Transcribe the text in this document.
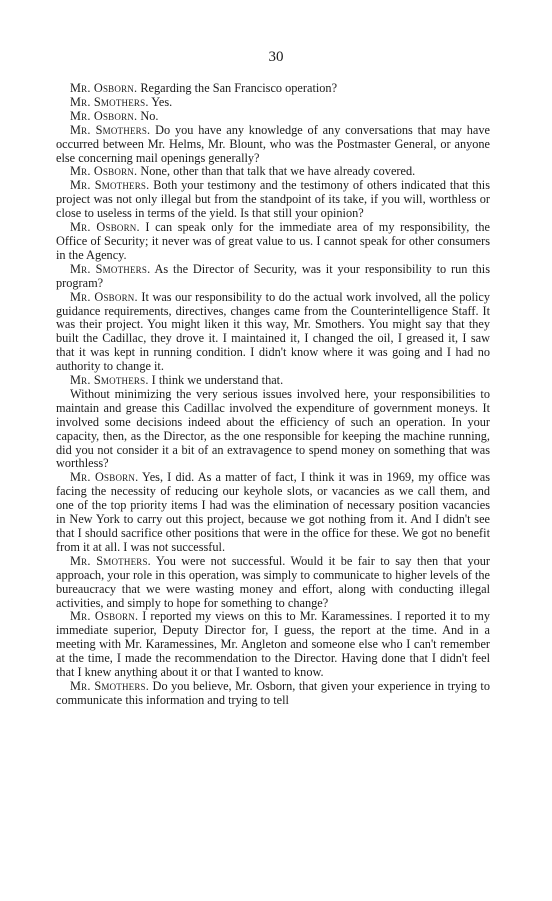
30

Mr. Osborn. Regarding the San Francisco operation?

Mr. Smothers. Yes.

Mr. Osborn. No.

Mr. Smothers. Do you have any knowledge of any conversations that may have occurred between Mr. Helms, Mr. Blount, who was the Postmaster General, or anyone else concerning mail openings generally?

Mr. Osborn. None, other than that talk that we have already covered.

Mr. Smothers. Both your testimony and the testimony of others indicated that this project was not only illegal but from the standpoint of its take, if you will, worthless or close to useless in terms of the yield. Is that still your opinion?

Mr. Osborn. I can speak only for the immediate area of my responsibility, the Office of Security; it never was of great value to us. I cannot speak for other consumers in the Agency.

Mr. Smothers. As the Director of Security, was it your responsibility to run this program?

Mr. Osborn. It was our responsibility to do the actual work involved, all the policy guidance requirements, directives, changes came from the Counterintelligence Staff. It was their project. You might liken it this way, Mr. Smothers. You might say that they built the Cadillac, they drove it. I maintained it, I changed the oil, I greased it, I saw that it was kept in running condition. I didn't know where it was going and I had no authority to change it.

Mr. Smothers. I think we understand that.

Without minimizing the very serious issues involved here, your responsibilities to maintain and grease this Cadillac involved the expenditure of government moneys. It involved some decisions indeed about the efficiency of such an operation. In your capacity, then, as the Director, as the one responsible for keeping the machine running, did you not consider it a bit of an extravagence to spend money on something that was worthless?

Mr. Osborn. Yes, I did. As a matter of fact, I think it was in 1969, my office was facing the necessity of reducing our keyhole slots, or vacancies as we call them, and one of the top priority items I had was the elimination of necessary position vacancies in New York to carry out this project, because we got nothing from it. And I didn't see that I should sacrifice other positions that were in the office for these. We got no benefit from it at all. I was not successful.

Mr. Smothers. You were not successful. Would it be fair to say then that your approach, your role in this operation, was simply to communicate to higher levels of the bureaucracy that we were wasting money and effort, along with conducting illegal activities, and simply to hope for something to change?

Mr. Osborn. I reported my views on this to Mr. Karamessines. I reported it to my immediate superior, Deputy Director for, I guess, the report at the time. And in a meeting with Mr. Karamessines, Mr. Angleton and someone else who I can't remember at the time, I made the recommendation to the Director. Having done that I didn't feel that I knew anything about it or that I wanted to know.

Mr. Smothers. Do you believe, Mr. Osborn, that given your experience in trying to communicate this information and trying to tell
